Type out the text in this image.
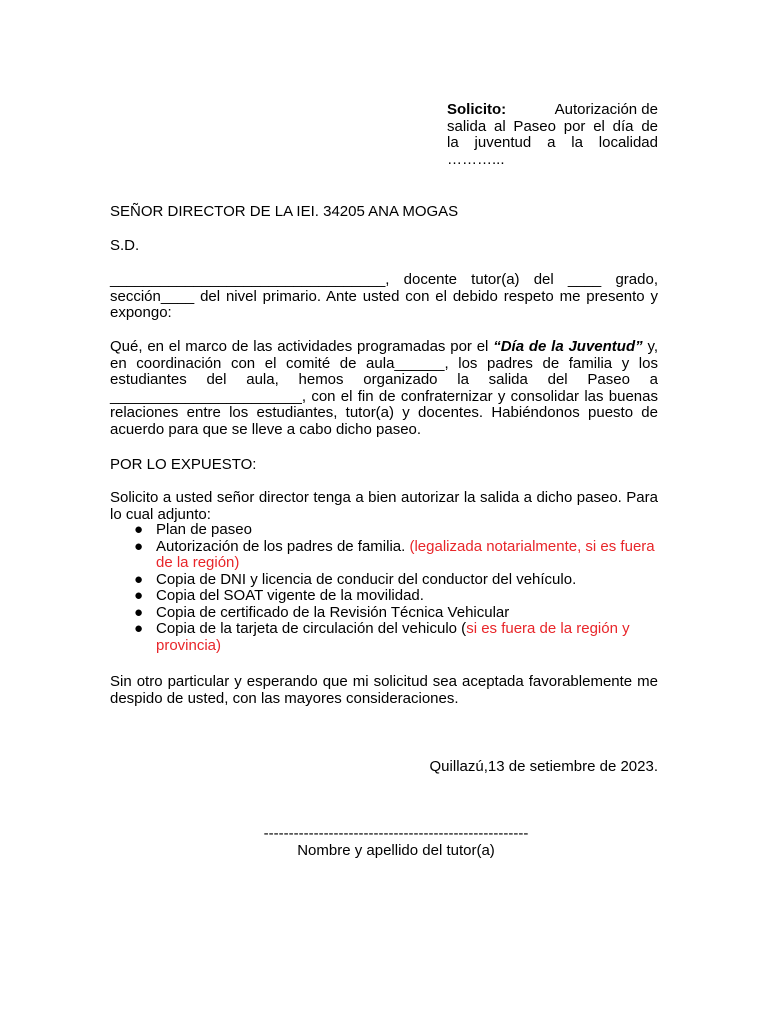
Solicito:	Autorización de
salida al Paseo por el día de
la juventud a la localidad
………...
SEÑOR DIRECTOR DE LA IEI. 34205 ANA MOGAS
S.D.
_________________________________, docente tutor(a) del ____ grado, sección____ del nivel primario. Ante usted con el debido respeto me presento y expongo:
Qué, en el marco de las actividades programadas por el “Día de la Juventud” y, en coordinación con el comité de aula______, los padres de familia y los estudiantes del aula, hemos organizado la salida del Paseo a _______________________, con el fin de confraternizar y consolidar las buenas relaciones entre los estudiantes, tutor(a) y docentes. Habiéndonos puesto de acuerdo para que se lleve a cabo dicho paseo.
POR LO EXPUESTO:
Solicito a usted señor director tenga a bien autorizar la salida a dicho paseo. Para lo cual adjunto:
● Plan de paseo
● Autorización de los padres de familia. (legalizada notarialmente, si es fuera de la región)
● Copia de DNI y licencia de conducir del conductor del vehículo.
● Copia del SOAT vigente de la movilidad.
● Copia de certificado de la Revisión Técnica Vehicular
● Copia de la tarjeta de circulación del vehiculo (si es fuera de la región y provincia)
Sin otro particular y esperando que mi solicitud sea aceptada favorablemente me despido de usted, con las mayores consideraciones.
Quillazú,13 de setiembre de 2023.
-----------------------------------------------------
Nombre y apellido del tutor(a)
